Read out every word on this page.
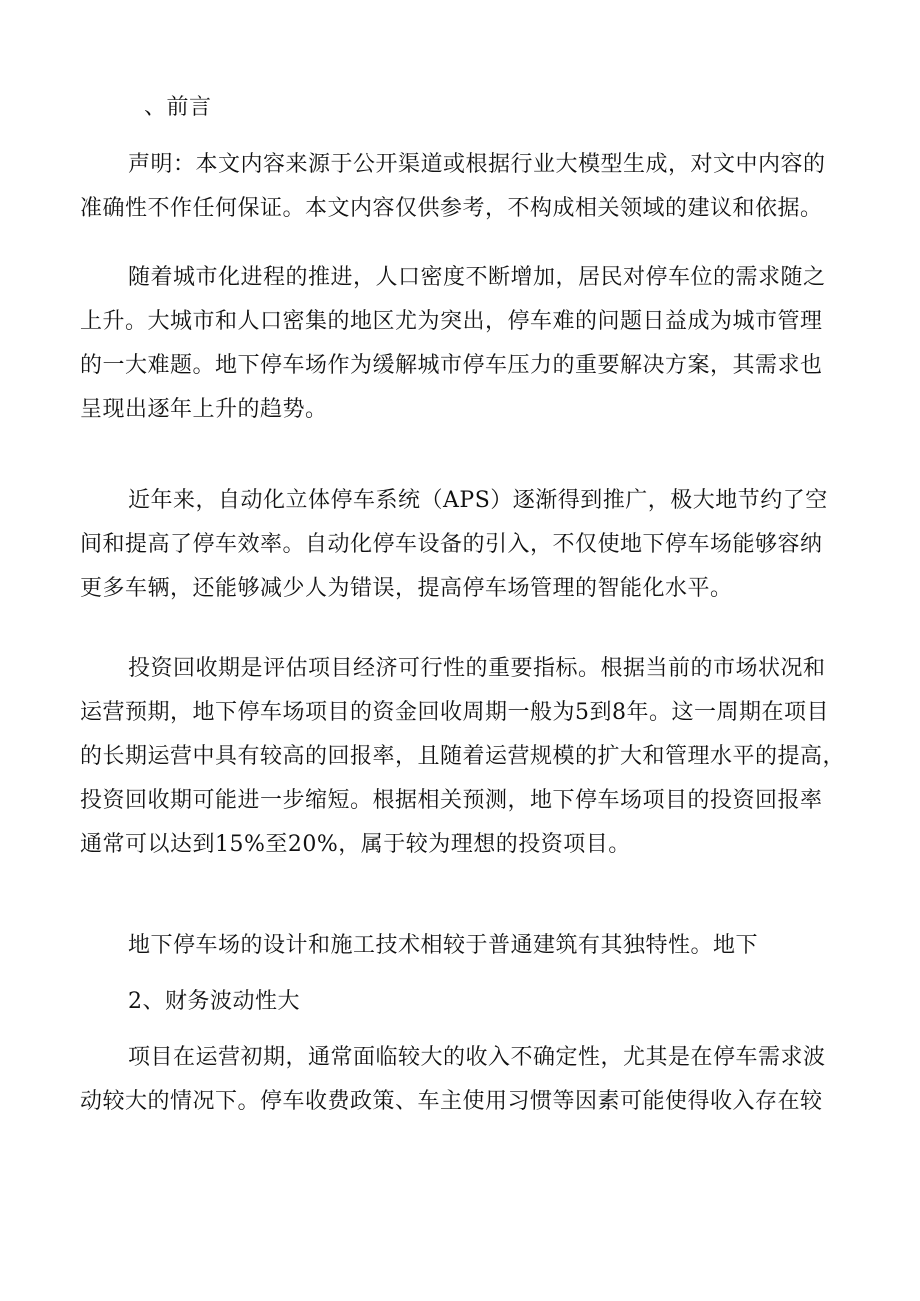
、前言

声明：本文内容来源于公开渠道或根据行业大模型生成，对文中内容的
准确性不作任何保证。本文内容仅供参考，不构成相关领域的建议和依据。

随着城市化进程的推进，人口密度不断增加，居民对停车位的需求随之
上升。大城市和人口密集的地区尤为突出，停车难的问题日益成为城市管理
的一大难题。地下停车场作为缓解城市停车压力的重要解决方案，其需求也
呈现出逐年上升的趋势。

近年来，自动化立体停车系统（APS）逐渐得到推广，极大地节约了空
间和提高了停车效率。自动化停车设备的引入，不仅使地下停车场能够容纳
更多车辆，还能够减少人为错误，提高停车场管理的智能化水平。

投资回收期是评估项目经济可行性的重要指标。根据当前的市场状况和
运营预期，地下停车场项目的资金回收周期一般为5到8年。这一周期在项目
的长期运营中具有较高的回报率，且随着运营规模的扩大和管理水平的提高，
投资回收期可能进一步缩短。根据相关预测，地下停车场项目的投资回报率
通常可以达到15%至20%，属于较为理想的投资项目。

地下停车场的设计和施工技术相较于普通建筑有其独特性。地下

2、财务波动性大

项目在运营初期，通常面临较大的收入不确定性，尤其是在停车需求波
动较大的情况下。停车收费政策、车主使用习惯等因素可能使得收入存在较
